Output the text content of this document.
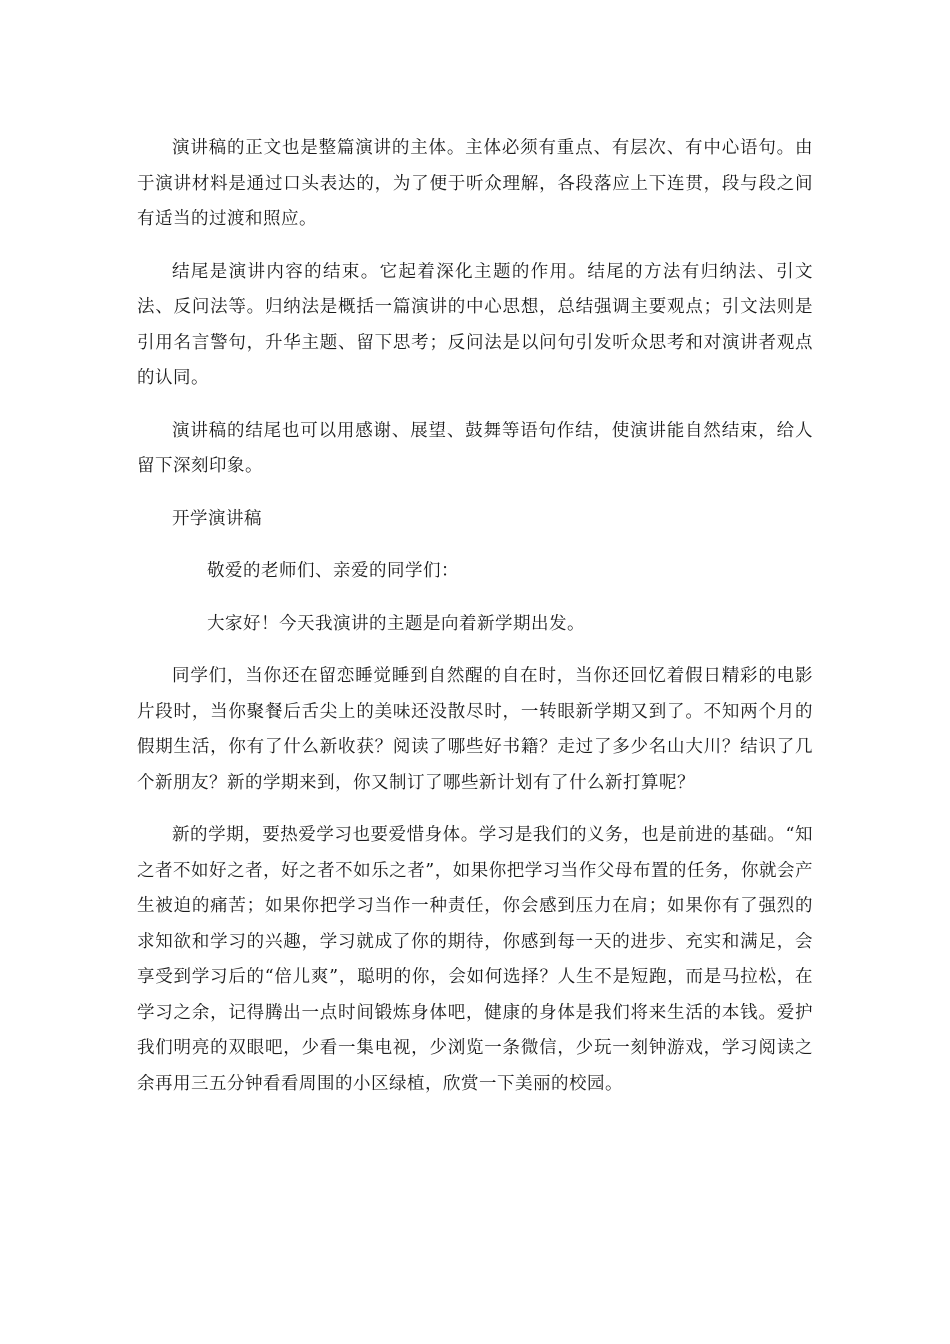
演讲稿的正文也是整篇演讲的主体。主体必须有重点、有层次、有中心语句。由于演讲材料是通过口头表达的，为了便于听众理解，各段落应上下连贯，段与段之间有适当的过渡和照应。

结尾是演讲内容的结束。它起着深化主题的作用。结尾的方法有归纳法、引文法、反问法等。归纳法是概括一篇演讲的中心思想，总结强调主要观点；引文法则是引用名言警句，升华主题、留下思考；反问法是以问句引发听众思考和对演讲者观点的认同。

演讲稿的结尾也可以用感谢、展望、鼓舞等语句作结，使演讲能自然结束，给人留下深刻印象。

开学演讲稿

敬爱的老师们、亲爱的同学们：

大家好！今天我演讲的主题是向着新学期出发。

同学们，当你还在留恋睡觉睡到自然醒的自在时，当你还回忆着假日精彩的电影片段时，当你聚餐后舌尖上的美味还没散尽时，一转眼新学期又到了。不知两个月的假期生活，你有了什么新收获？阅读了哪些好书籍？走过了多少名山大川？结识了几个新朋友？新的学期来到，你又制订了哪些新计划有了什么新打算呢？

新的学期，要热爱学习也要爱惜身体。学习是我们的义务，也是前进的基础。“知之者不如好之者，好之者不如乐之者”，如果你把学习当作父母布置的任务，你就会产生被迫的痛苦；如果你把学习当作一种责任，你会感到压力在肩；如果你有了强烈的求知欲和学习的兴趣，学习就成了你的期待，你感到每一天的进步、充实和满足，会享受到学习后的“倍儿爽”，聪明的你，会如何选择？人生不是短跑，而是马拉松，在学习之余，记得腾出一点时间锻炼身体吧，健康的身体是我们将来生活的本钱。爱护我们明亮的双眼吧，少看一集电视，少浏览一条微信，少玩一刻钟游戏，学习阅读之余再用三五分钟看看周围的小区绿植，欣赏一下美丽的校园。
